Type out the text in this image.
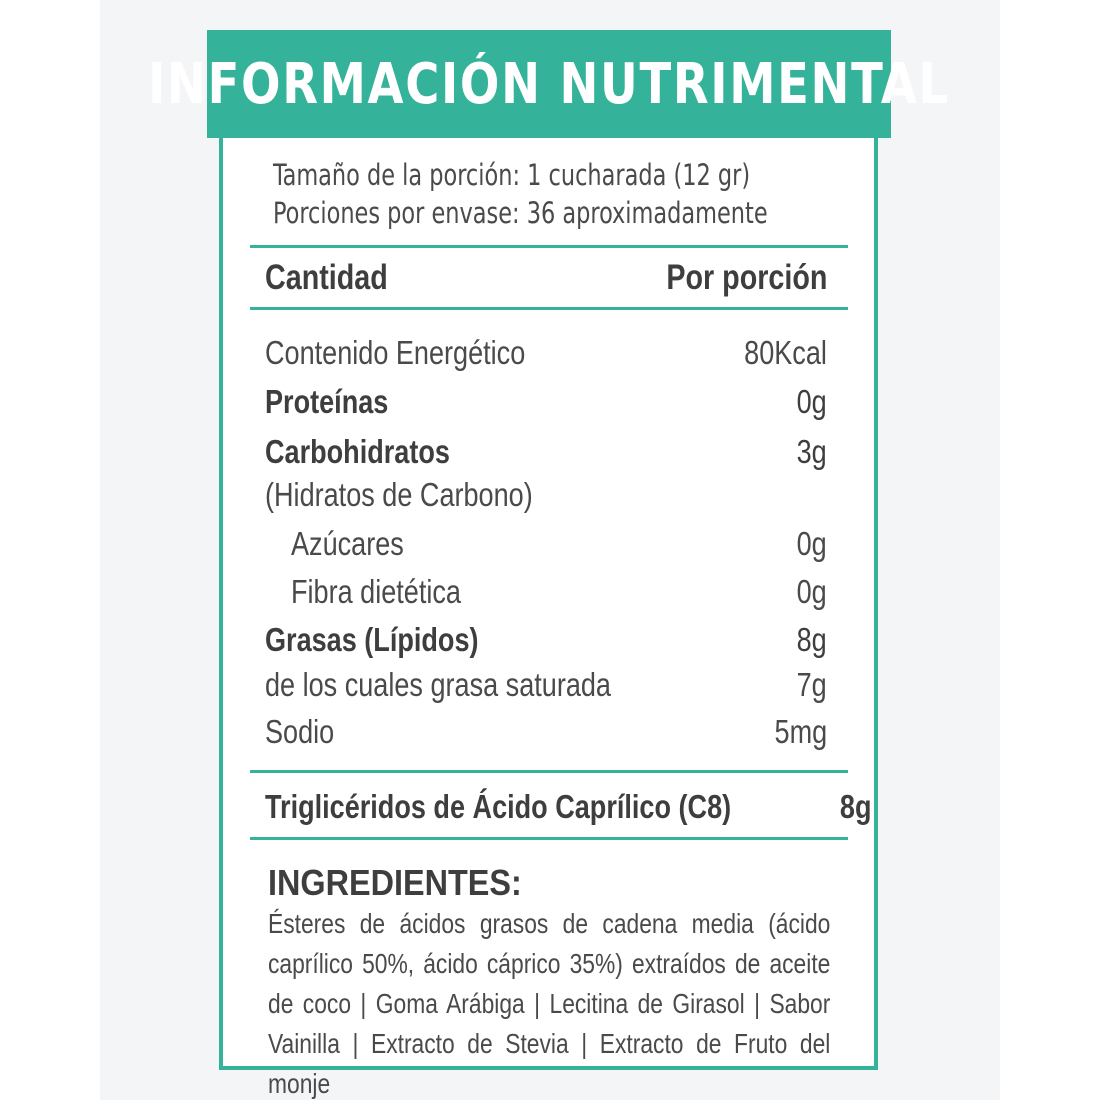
INFORMACIÓN NUTRIMENTAL
Tamaño de la porción: 1 cucharada (12 gr)
Porciones por envase: 36 aproximadamente
Cantidad	Por porción
Contenido Energético	80Kcal
Proteínas	0g
Carbohidratos	3g
(Hidratos de Carbono)
Azúcares	0g
Fibra dietética	0g
Grasas (Lípidos)	8g
de los cuales grasa saturada	7g
Sodio	5mg
Triglicéridos de Ácido Caprílico (C8)	8g
INGREDIENTES:
Ésteres de ácidos grasos de cadena media (ácido caprílico 50%, ácido cáprico 35%) extraídos de aceite de coco | Goma Arábiga | Lecitina de Girasol | Sabor Vainilla | Extracto de Stevia | Extracto de Fruto del monje
